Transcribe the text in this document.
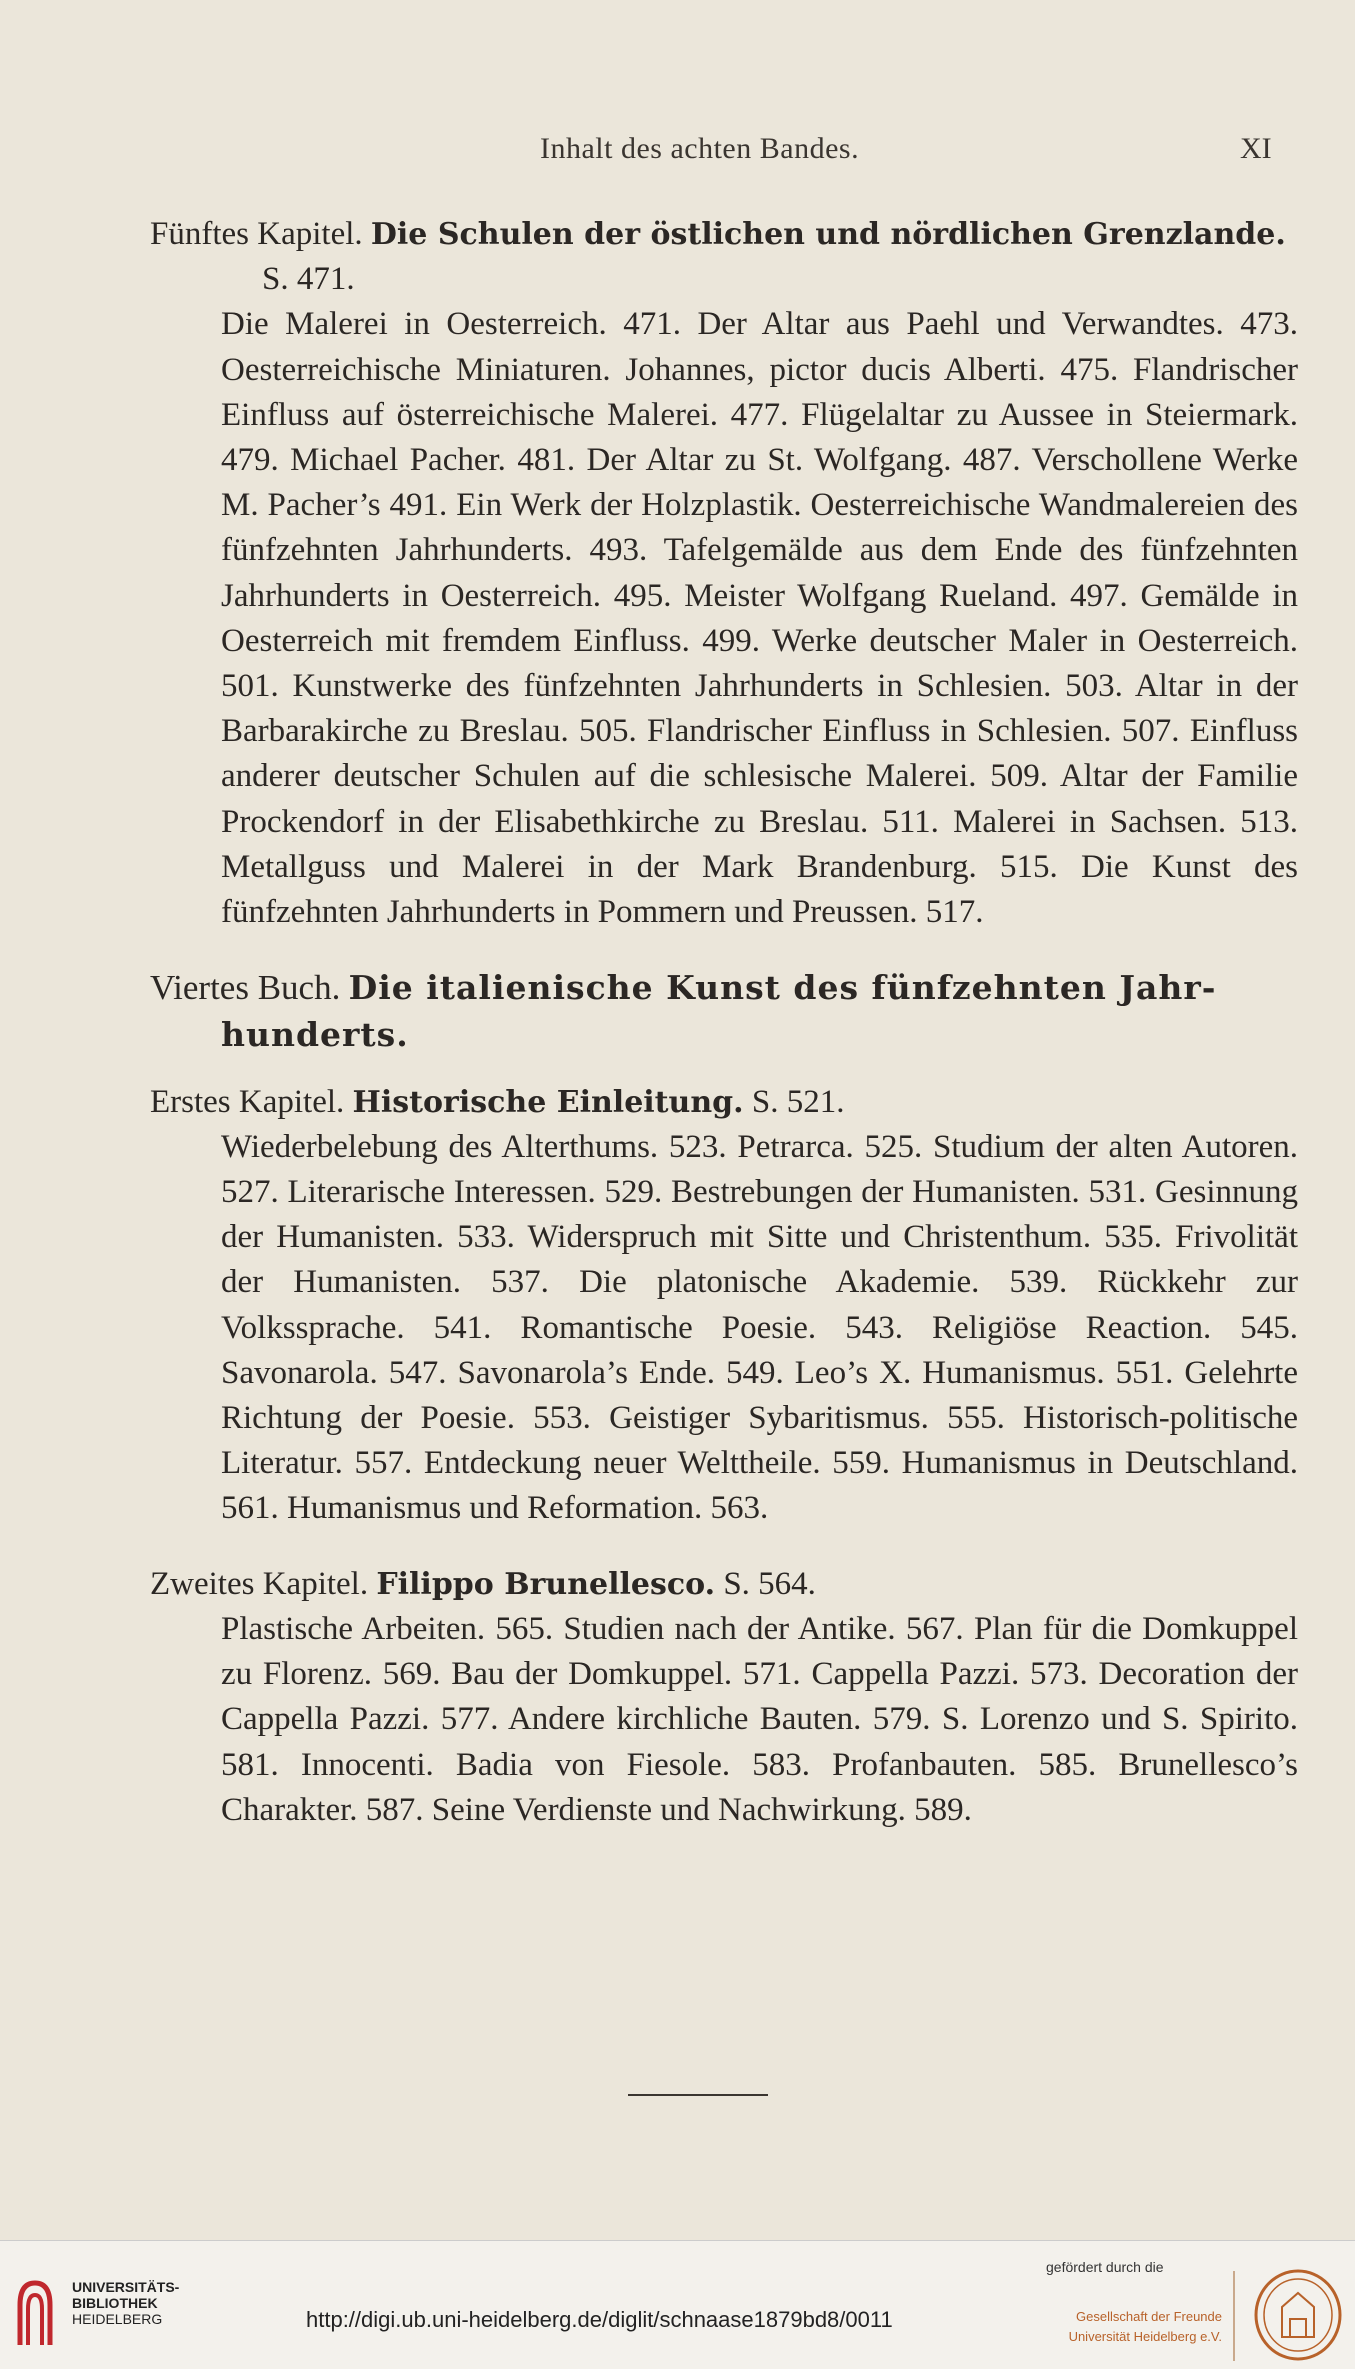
Inhalt des achten Bandes.	XI

Fünftes Kapitel. Die Schulen der östlichen und nördlichen Grenzlande.
S. 471.

Die Malerei in Oesterreich. 471. Der Altar aus Paehl und Verwandtes. 473. Oesterreichische Miniaturen. Johannes, pictor ducis Alberti. 475. Flandrischer Einfluss auf österreichische Malerei. 477. Flügelaltar zu Aussee in Steiermark. 479. Michael Pacher. 481. Der Altar zu St. Wolfgang. 487. Verschollene Werke M. Pacher’s 491. Ein Werk der Holzplastik. Oesterreichische Wandmalereien des fünfzehnten Jahrhunderts. 493. Tafelgemälde aus dem Ende des fünfzehnten Jahrhunderts in Oesterreich. 495. Meister Wolfgang Rueland. 497. Gemälde in Oesterreich mit fremdem Einfluss. 499. Werke deutscher Maler in Oesterreich. 501. Kunstwerke des fünfzehnten Jahrhunderts in Schlesien. 503. Altar in der Barbarakirche zu Breslau. 505. Flandrischer Einfluss in Schlesien. 507. Einfluss anderer deutscher Schulen auf die schlesische Malerei. 509. Altar der Familie Prockendorf in der Elisabethkirche zu Breslau. 511. Malerei in Sachsen. 513. Metallguss und Malerei in der Mark Brandenburg. 515. Die Kunst des fünfzehnten Jahrhunderts in Pommern und Preussen. 517.

Viertes Buch. Die italienische Kunst des fünfzehnten Jahr-
hunderts.

Erstes Kapitel. Historische Einleitung. S. 521.

Wiederbelebung des Alterthums. 523. Petrarca. 525. Studium der alten Autoren. 527. Literarische Interessen. 529. Bestrebungen der Humanisten. 531. Gesinnung der Humanisten. 533. Widerspruch mit Sitte und Christenthum. 535. Frivolität der Humanisten. 537. Die platonische Akademie. 539. Rückkehr zur Volkssprache. 541. Romantische Poesie. 543. Religiöse Reaction. 545. Savonarola. 547. Savonarola’s Ende. 549. Leo’s X. Humanismus. 551. Gelehrte Richtung der Poesie. 553. Geistiger Sybaritismus. 555. Historisch-politische Literatur. 557. Entdeckung neuer Welttheile. 559. Humanismus in Deutschland. 561. Humanismus und Reformation. 563.

Zweites Kapitel. Filippo Brunellesco. S. 564.

Plastische Arbeiten. 565. Studien nach der Antike. 567. Plan für die Domkuppel zu Florenz. 569. Bau der Domkuppel. 571. Cappella Pazzi. 573. Decoration der Cappella Pazzi. 577. Andere kirchliche Bauten. 579. S. Lorenzo und S. Spirito. 581. Innocenti. Badia von Fiesole. 583. Profanbauten. 585. Brunellesco’s Charakter. 587. Seine Verdienste und Nachwirkung. 589.

UNIVERSITÄTS-
BIBLIOTHEK
HEIDELBERG	http://digi.ub.uni-heidelberg.de/diglit/schnaase1879bd8/0011
gefördert durch die
Gesellschaft der Freunde
Universität Heidelberg e.V.
